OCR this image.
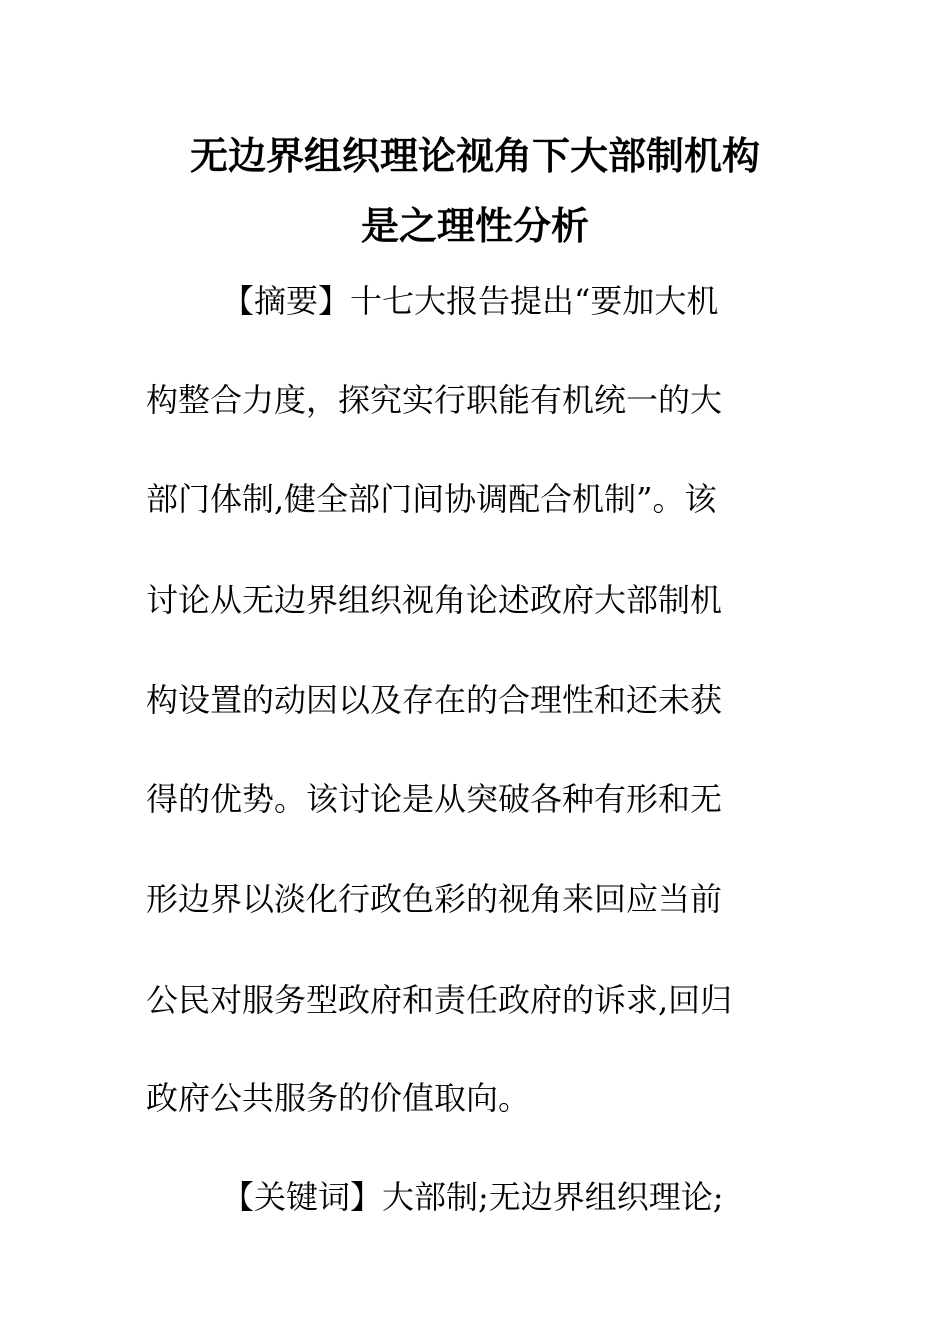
无边界组织理论视角下大部制机构
是之理性分析

【摘要】十七大报告提出“要加大机

构整合力度，探究实行职能有机统一的大

部门体制,健全部门间协调配合机制”。该

讨论从无边界组织视角论述政府大部制机

构设置的动因以及存在的合理性和还未获

得的优势。该讨论是从突破各种有形和无

形边界以淡化行政色彩的视角来回应当前

公民对服务型政府和责任政府的诉求,回归

政府公共服务的价值取向。

【关键词】大部制;无边界组织理论;
